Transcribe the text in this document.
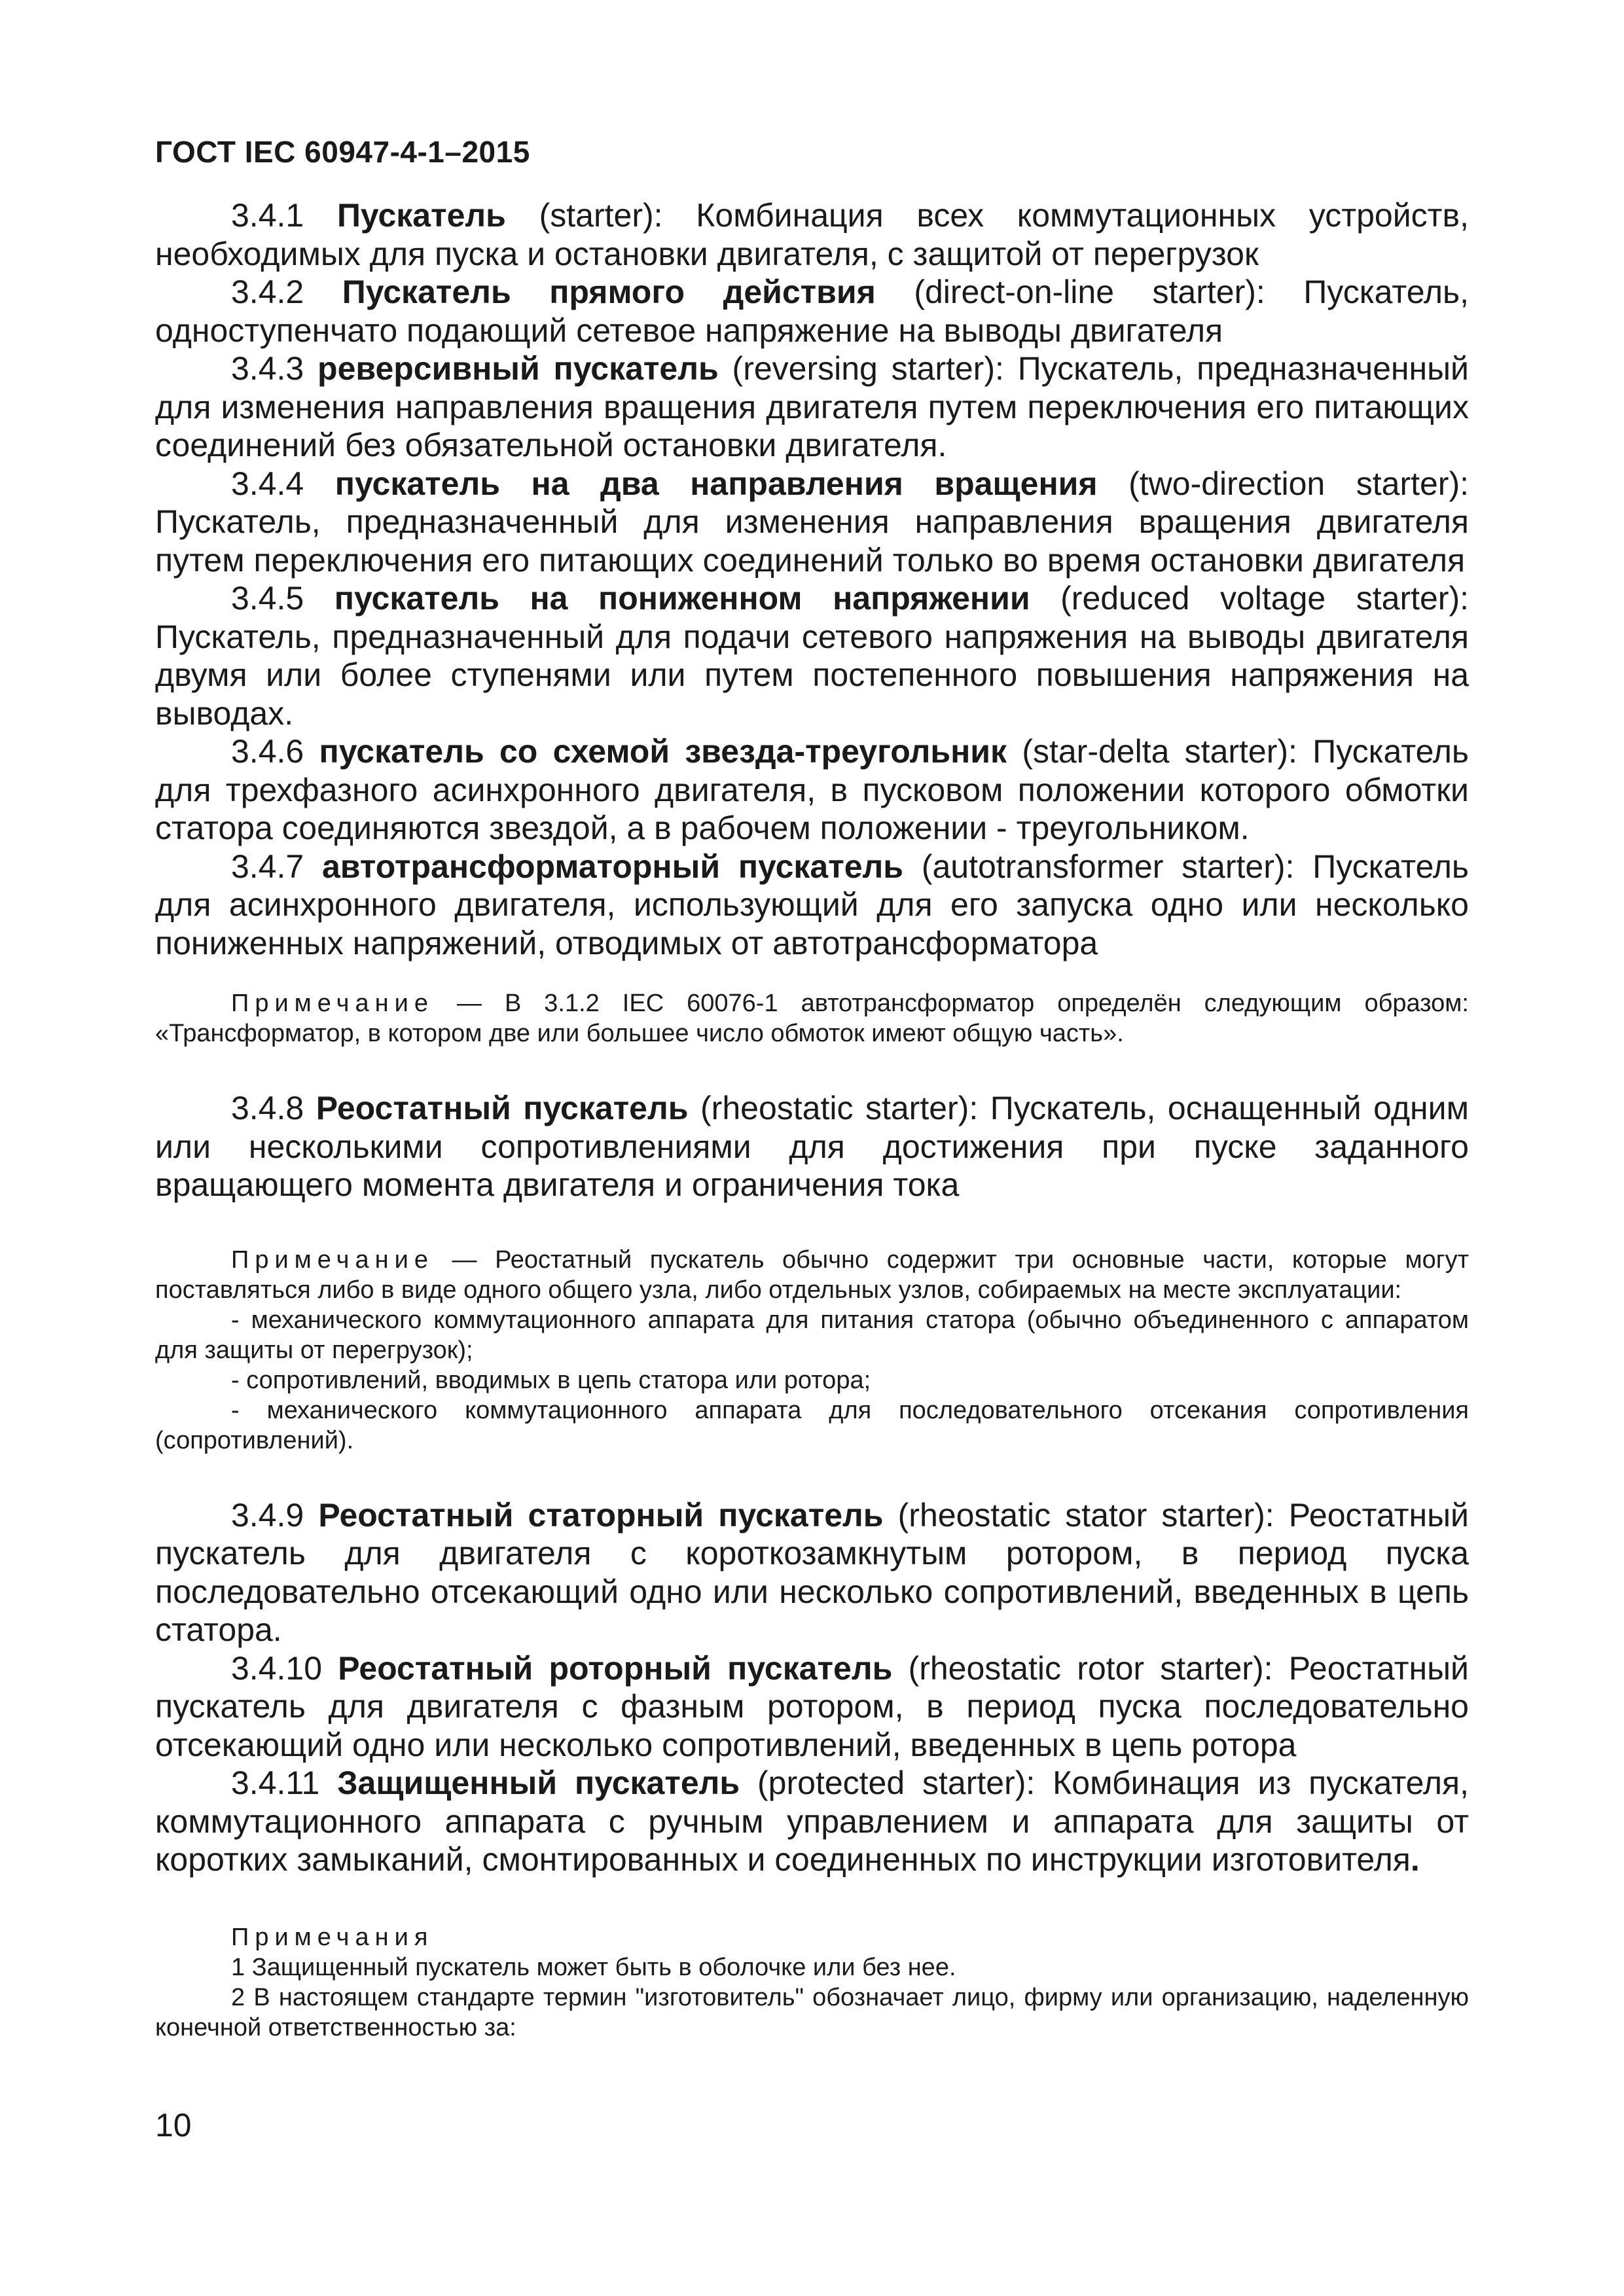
ГОСТ IEC 60947-4-1–2015

3.4.1 Пускатель (starter): Комбинация всех коммутационных устройств, необходимых для пуска и остановки двигателя, с защитой от перегрузок

3.4.2 Пускатель прямого действия (direct-on-line starter): Пускатель, одноступенчато подающий сетевое напряжение на выводы двигателя

3.4.3 реверсивный пускатель (reversing starter): Пускатель, предназначенный для изменения направления вращения двигателя путем переключения его питающих соединений без обязательной остановки двигателя.

3.4.4 пускатель на два направления вращения (two-direction starter): Пускатель, предназначенный для изменения направления вращения двигателя путем переключения его питающих соединений только во время остановки двигателя

3.4.5 пускатель на пониженном напряжении (reduced voltage starter): Пускатель, предназначенный для подачи сетевого напряжения на выводы двигателя двумя или более ступенями или путем постепенного повышения напряжения на выводах.

3.4.6 пускатель со схемой звезда-треугольник (star-delta starter): Пускатель для трехфазного асинхронного двигателя, в пусковом положении которого обмотки статора соединяются звездой, а в рабочем положении - треугольником.

3.4.7 автотрансформаторный пускатель (autotransformer starter): Пускатель для асинхронного двигателя, использующий для его запуска одно или несколько пониженных напряжений, отводимых от автотрансформатора

Примечание — В 3.1.2 IEC 60076-1 автотрансформатор определён следующим образом: «Трансформатор, в котором две или большее число обмоток имеют общую часть».

3.4.8 Реостатный пускатель (rheostatic starter): Пускатель, оснащенный одним или несколькими сопротивлениями для достижения при пуске заданного вращающего момента двигателя и ограничения тока

Примечание — Реостатный пускатель обычно содержит три основные части, которые могут поставляться либо в виде одного общего узла, либо отдельных узлов, собираемых на месте эксплуатации:

- механического коммутационного аппарата для питания статора (обычно объединенного с аппаратом для защиты от перегрузок);

- сопротивлений, вводимых в цепь статора или ротора;

- механического коммутационного аппарата для последовательного отсекания сопротивления (сопротивлений).

3.4.9 Реостатный статорный пускатель (rheostatic stator starter): Реостатный пускатель для двигателя с короткозамкнутым ротором, в период пуска последовательно отсекающий одно или несколько сопротивлений, введенных в цепь статора.

3.4.10 Реостатный роторный пускатель (rheostatic rotor starter): Реостатный пускатель для двигателя с фазным ротором, в период пуска последовательно отсекающий одно или несколько сопротивлений, введенных в цепь ротора

3.4.11 Защищенный пускатель (protected starter): Комбинация из пускателя, коммутационного аппарата с ручным управлением и аппарата для защиты от коротких замыканий, смонтированных и соединенных по инструкции изготовителя.

Примечания

1 Защищенный пускатель может быть в оболочке или без нее.

2 В настоящем стандарте термин "изготовитель" обозначает лицо, фирму или организацию, наделенную конечной ответственностью за:

10
